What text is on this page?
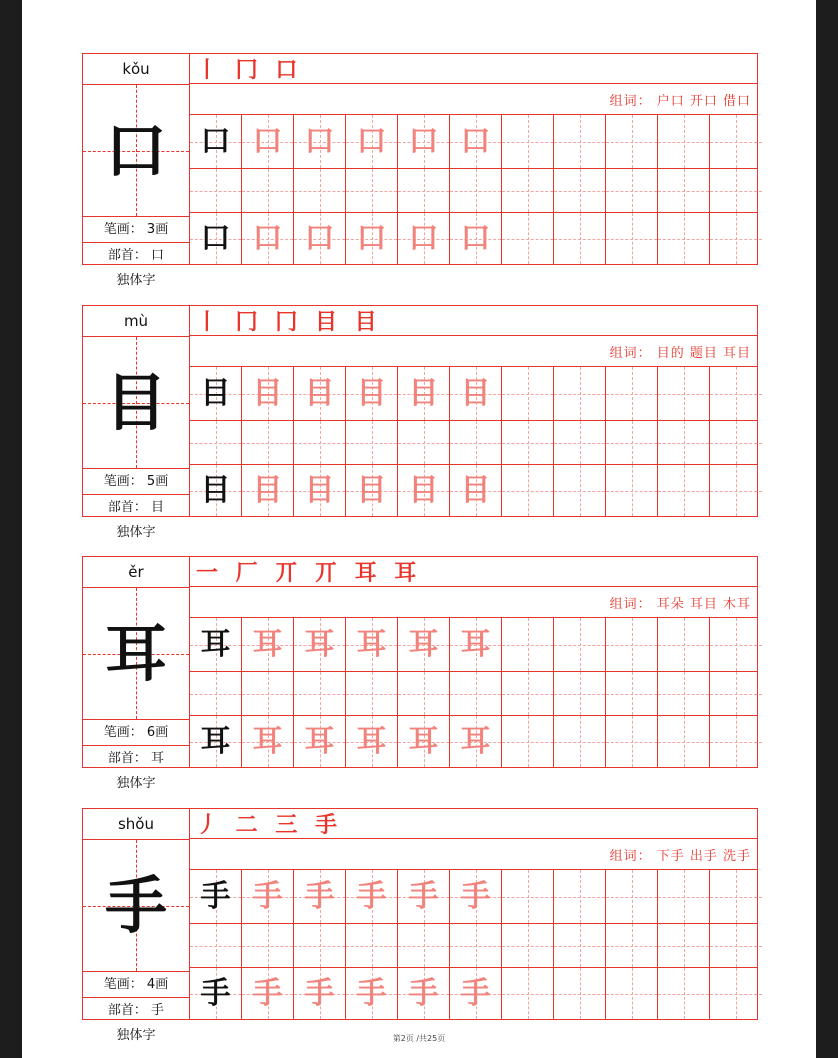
kǒu
口
笔画： 3画
部首： 口
独体字
丨 冂 口
组词： 户口 开口 借口
口 口 口 口 口 口
口 口 口 口 口 口
mù
目
笔画： 5画
部首： 目
独体字
丨 冂 冂 目 目
组词： 目的 题目 耳目
目 目 目 目 目 目
目 目 目 目 目 目
ěr
耳
笔画： 6画
部首： 耳
独体字
一 厂 丌 丌 耳 耳
组词： 耳朵 耳目 木耳
耳 耳 耳 耳 耳 耳
耳 耳 耳 耳 耳 耳
shǒu
手
笔画： 4画
部首： 手
独体字
丿 二 三 手
组词： 下手 出手 洗手
手 手 手 手 手 手
手 手 手 手 手 手
第2页 /共25页
